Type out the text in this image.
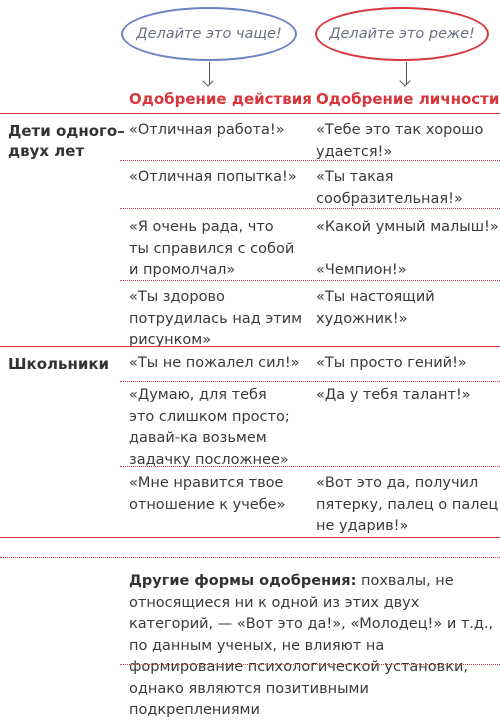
Делайте это чаще!	Делайте это реже!
Одобрение действия Одобрение личности
Дети одного–
двух лет
«Отличная работа!» «Тебе это так хорошо
удается!»
«Отличная попытка!» «Ты такая
сообразительная!»
«Я очень рада, что
ты справился с собой
и промолчал»
«Какой умный малыш!»

«Чемпион!»
«Ты здорово
потрудилась над этим
рисунком»
«Ты настоящий
художник!»
Школьники «Ты не пожалел сил!» «Ты просто гений!»
«Думаю, для тебя
это слишком просто;
давай-ка возьмем
задачку посложнее»
«Да у тебя талант!»
«Мне нравится твое
отношение к учебе»
«Вот это да, получил
пятерку, палец о палец
не ударив!»
Другие формы одобрения: похвалы, не относящиеся ни к одной из этих двух категорий, — «Вот это да!», «Молодец!» и т.д., по данным ученых, не влияют на формирование психологической установки, однако являются позитивными подкреплениями
